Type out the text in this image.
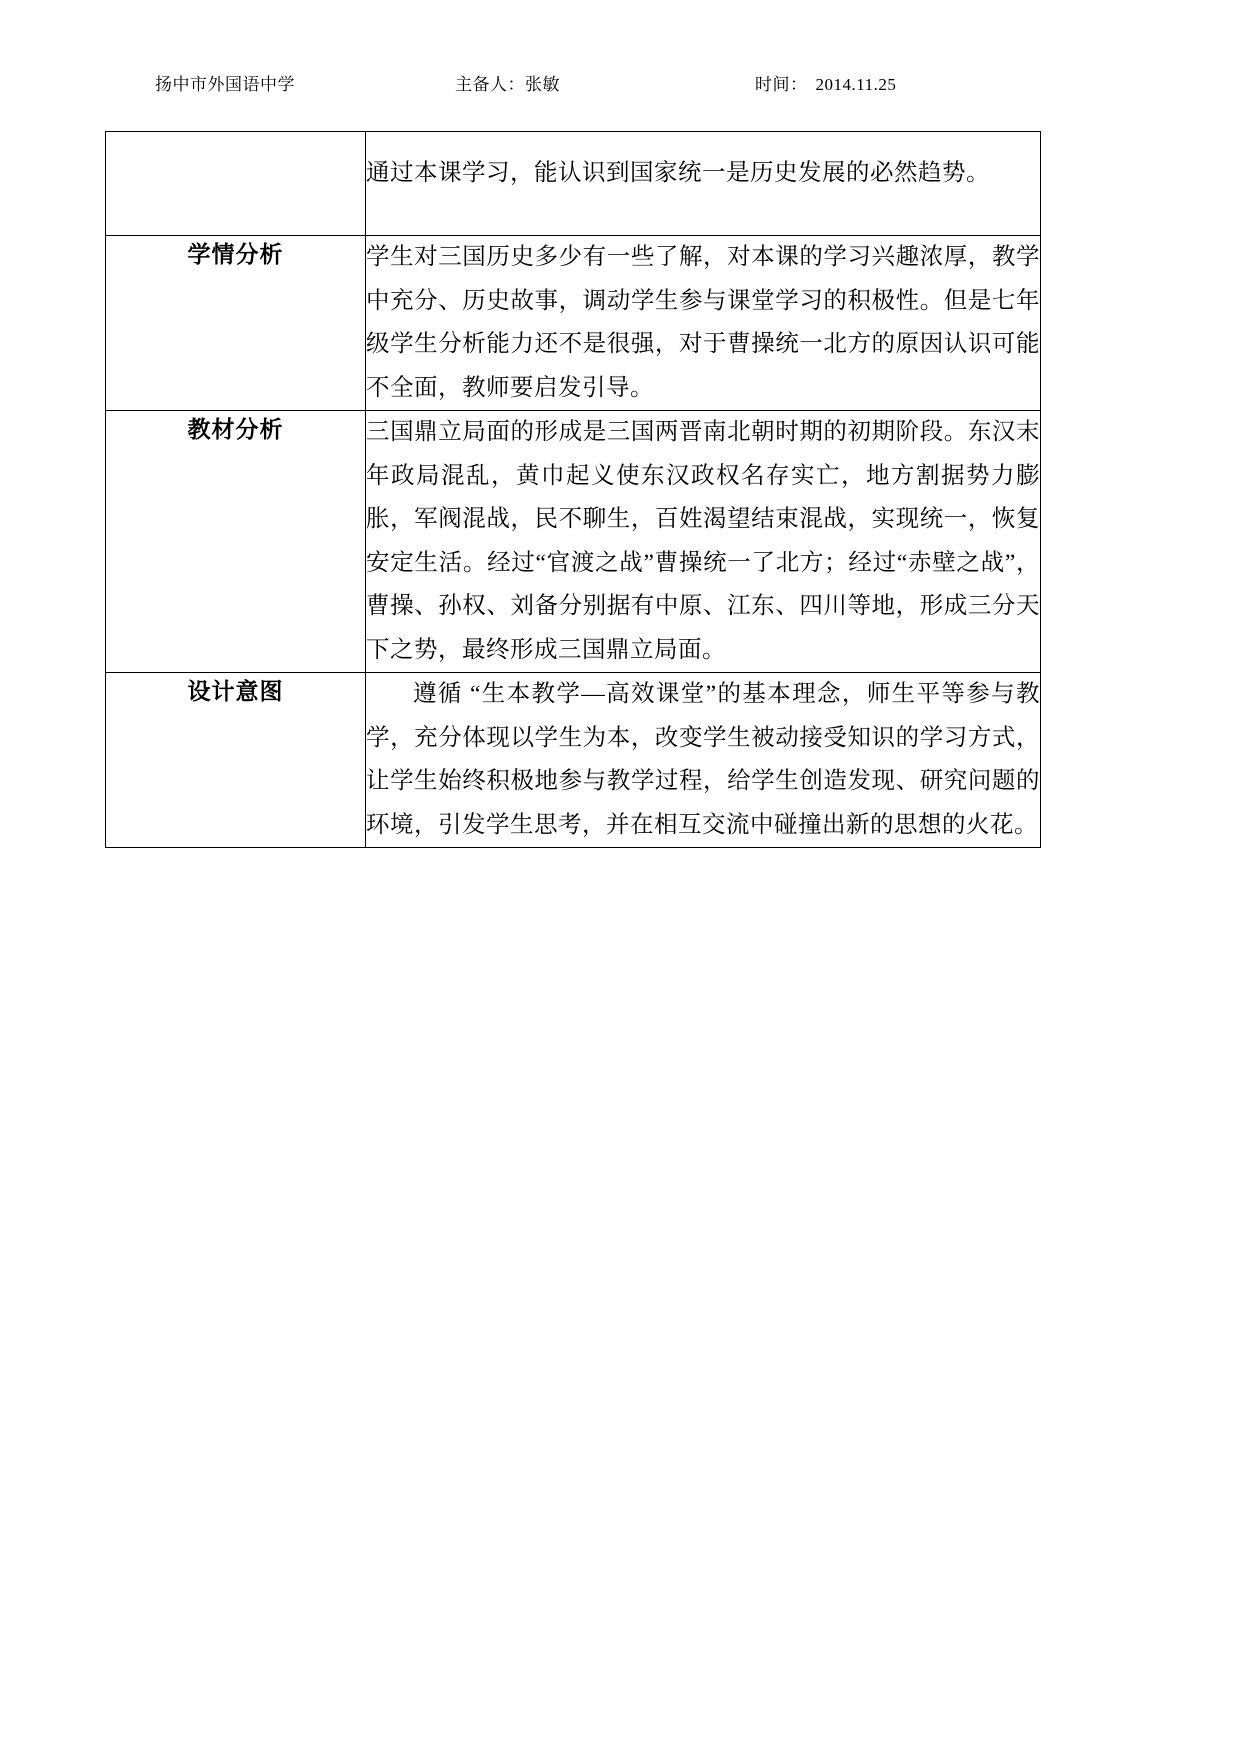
扬中市外国语中学	主备人：张敏	时间： 2014.11.25
	通过本课学习，能认识到国家统一是历史发展的必然趋势。
学情分析	学生对三国历史多少有一些了解，对本课的学习兴趣浓厚，教学中充分、历史故事，调动学生参与课堂学习的积极性。但是七年级学生分析能力还不是很强，对于曹操统一北方的原因认识可能不全面，教师要启发引导。
教材分析	三国鼎立局面的形成是三国两晋南北朝时期的初期阶段。东汉末年政局混乱，黄巾起义使东汉政权名存实亡，地方割据势力膨胀，军阀混战，民不聊生，百姓渴望结束混战，实现统一，恢复安定生活。经过“官渡之战”曹操统一了北方；经过“赤壁之战”，曹操、孙权、刘备分别据有中原、江东、四川等地，形成三分天下之势，最终形成三国鼎立局面。
设计意图	遵循 “生本教学—高效课堂”的基本理念，师生平等参与教学，充分体现以学生为本，改变学生被动接受知识的学习方式，让学生始终积极地参与教学过程，给学生创造发现、研究问题的环境，引发学生思考，并在相互交流中碰撞出新的思想的火花。
